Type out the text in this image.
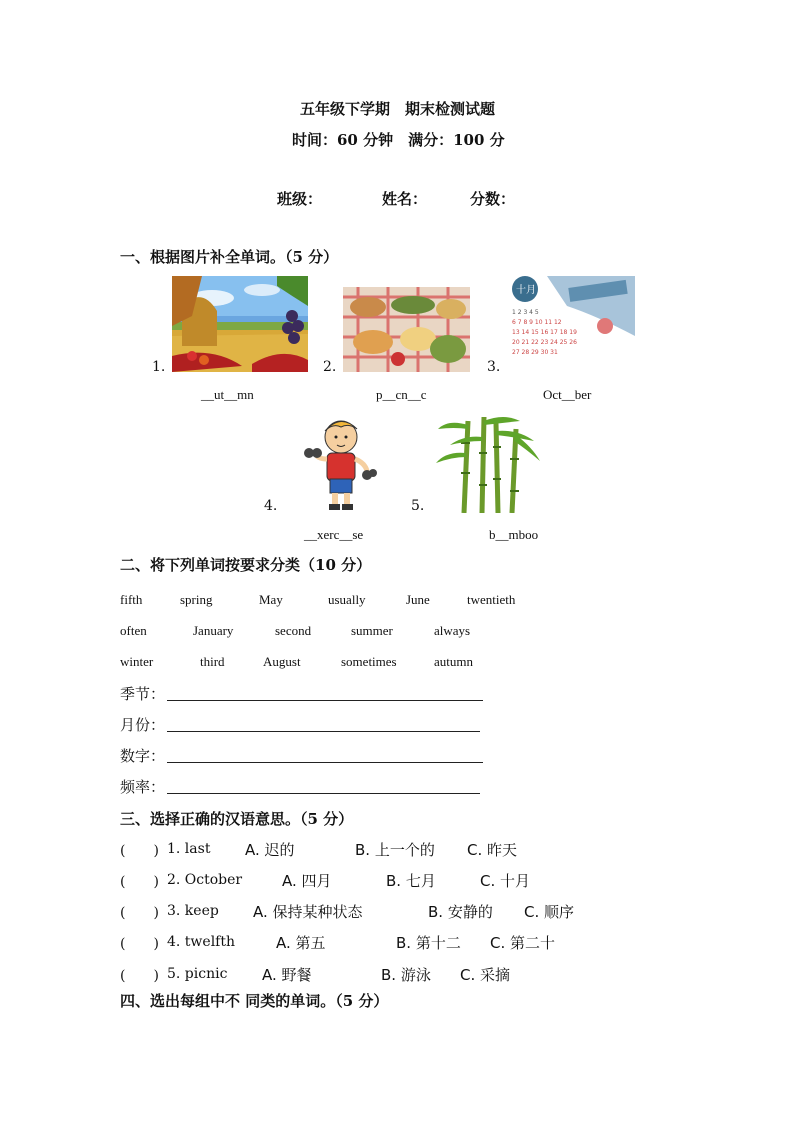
五年级下学期　期末检测试题
时间：60 分钟　满分：100 分
班级：	姓名：	分数：
一、根据图片补全单词。（5 分）
1.
__ut__mn
2.
p__cn__c
6 7 8 9 10 11 12
13 14 15 16 17 18 19
20 21 22 23 24 25 26
27 28 29 30 31
1 2 3 4 5
十月
3.
Oct__ber
4.
__xerc__se
5.
b__mboo
二、将下列单词按要求分类（10 分）
fifth	spring	May	usually	June	twentieth
often	January	second	summer	always
winter	third	August	sometimes	autumn
季节：
月份：
数字：
频率：
三、选择正确的汉语意思。（5 分）
(　　) 1. last A. 迟的	B. 上一个的 C. 昨天
(　　) 2. October	A. 四月	B. 七月	C. 十月
(　　) 3. keep A. 保持某种状态	B. 安静的 C. 顺序
(　　) 4. twelfth	A. 第五	B. 第十二 C. 第二十
(　　) 5. picnic A. 野餐	B. 游泳 C. 采摘
四、选出每组中不 同类的单词。（5 分）
